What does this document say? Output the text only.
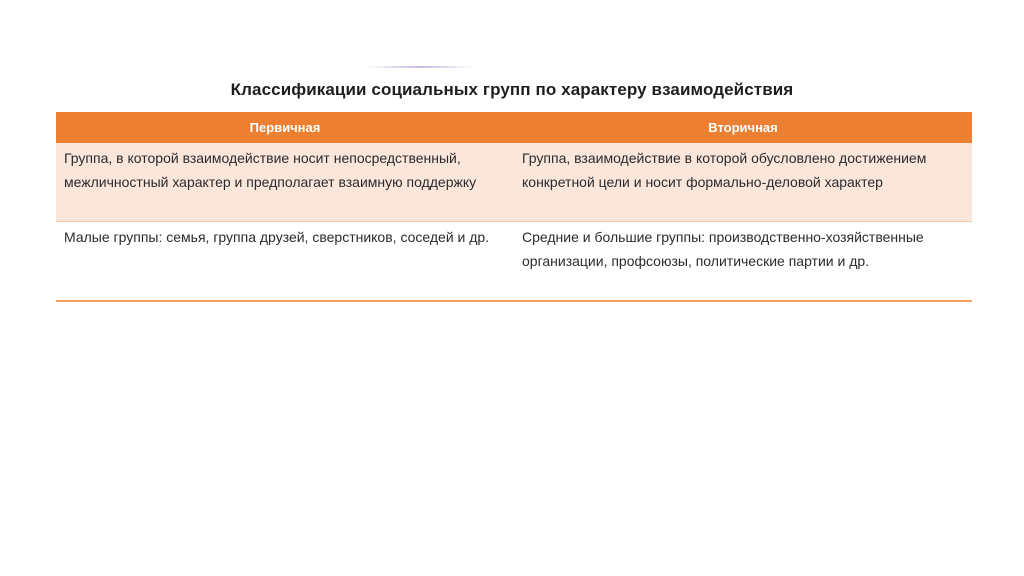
Классификации социальных групп по характеру взаимодействия
Первичная	Вторичная
Группа, в которой взаимодействие носит непосредственный, межличностный характер и предполагает взаимную поддержку	Группа, взаимодействие в которой обусловлено достижением конкретной цели и носит формально-деловой характер
Малые группы: семья, группа друзей, сверстников, соседей и др.	Средние и большие группы: производственно-хозяйственные организации, профсоюзы, политические партии и др.
